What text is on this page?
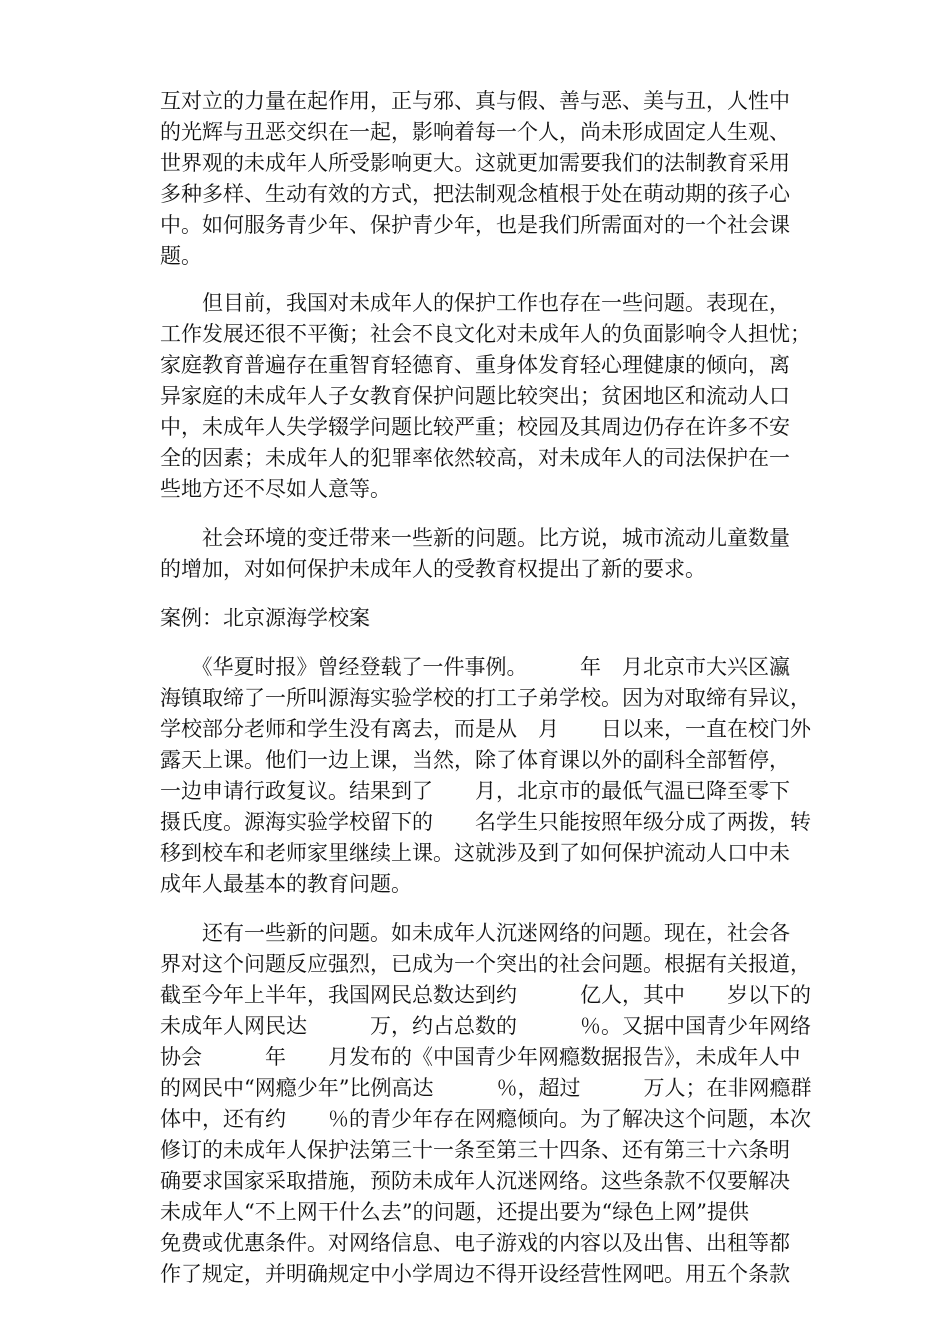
互对立的力量在起作用，正与邪、真与假、善与恶、美与丑，人性中
的光辉与丑恶交织在一起，影响着每一个人，尚未形成固定人生观、
世界观的未成年人所受影响更大。这就更加需要我们的法制教育采用
多种多样、生动有效的方式，把法制观念植根于处在萌动期的孩子心
中。如何服务青少年、保护青少年，也是我们所需面对的一个社会课
题。
　　但目前，我国对未成年人的保护工作也存在一些问题。表现在，
工作发展还很不平衡；社会不良文化对未成年人的负面影响令人担忧；
家庭教育普遍存在重智育轻德育、重身体发育轻心理健康的倾向，离
异家庭的未成年人子女教育保护问题比较突出；贫困地区和流动人口
中，未成年人失学辍学问题比较严重；校园及其周边仍存在许多不安
全的因素；未成年人的犯罪率依然较高，对未成年人的司法保护在一
些地方还不尽如人意等。
　　社会环境的变迁带来一些新的问题。比方说，城市流动儿童数量
的增加，对如何保护未成年人的受教育权提出了新的要求。
案例：北京源海学校案
　　《华夏时报》曾经登载了一件事例。　　　年　月北京市大兴区瀛
海镇取缔了一所叫源海实验学校的打工子弟学校。因为对取缔有异议，
学校部分老师和学生没有离去，而是从　月　　日以来，一直在校门外
露天上课。他们一边上课，当然，除了体育课以外的副科全部暂停，
一边申请行政复议。结果到了　　月，北京市的最低气温已降至零下
摄氏度。源海实验学校留下的　　名学生只能按照年级分成了两拨，转
移到校车和老师家里继续上课。这就涉及到了如何保护流动人口中未
成年人最基本的教育问题。
　　还有一些新的问题。如未成年人沉迷网络的问题。现在，社会各
界对这个问题反应强烈，已成为一个突出的社会问题。根据有关报道，
截至今年上半年，我国网民总数达到约　　　亿人，其中　　岁以下的
未成年人网民达　　　万，约占总数的　　　％。又据中国青少年网络
协会　　　年　　月发布的《中国青少年网瘾数据报告》，未成年人中
的网民中“网瘾少年”比例高达　　　％，超过　　　万人；在非网瘾群
体中，还有约　　％的青少年存在网瘾倾向。为了解决这个问题，本次
修订的未成年人保护法第三十一条至第三十四条、还有第三十六条明
确要求国家采取措施，预防未成年人沉迷网络。这些条款不仅要解决
未成年人“不上网干什么去”的问题，还提出要为“绿色上网”提供
免费或优惠条件。对网络信息、电子游戏的内容以及出售、出租等都
作了规定，并明确规定中小学周边不得开设经营性网吧。用五个条款
